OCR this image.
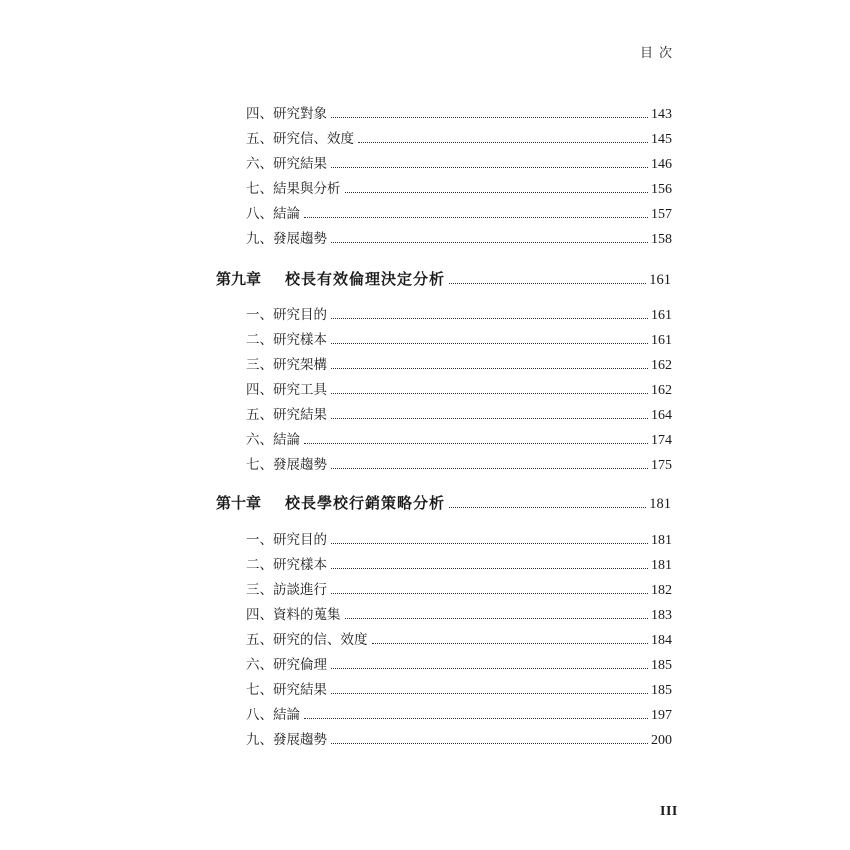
目次
四、研究對象	143
五、研究信、效度	145
六、研究結果	146
七、結果與分析	156
八、結論	157
九、發展趨勢	158
第九章 校長有效倫理決定分析	161
一、研究目的	161
二、研究樣本	161
三、研究架構	162
四、研究工具	162
五、研究結果	164
六、結論	174
七、發展趨勢	175
第十章 校長學校行銷策略分析	181
一、研究目的	181
二、研究樣本	181
三、訪談進行	182
四、資料的蒐集	183
五、研究的信、效度	184
六、研究倫理	185
七、研究結果	185
八、結論	197
九、發展趨勢	200
III
